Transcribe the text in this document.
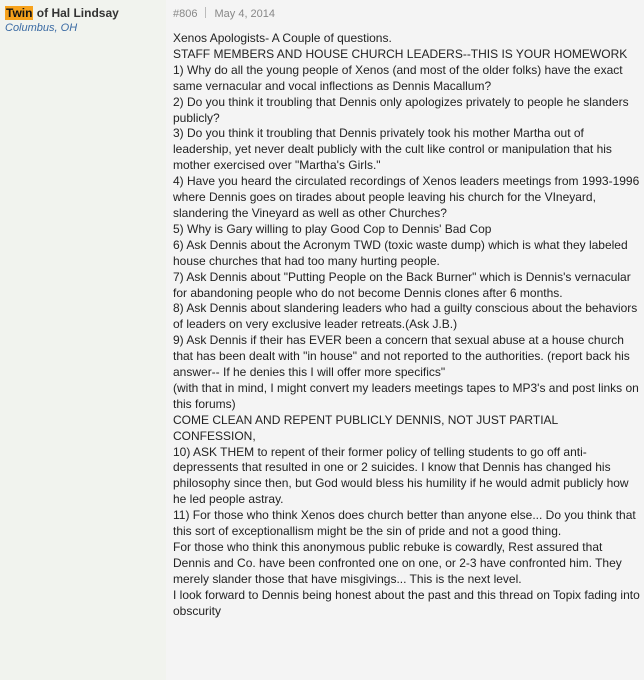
Twin of Hal Lindsay
Columbus, OH
#806 May 4, 2014

Xenos Apologists- A Couple of questions.

STAFF MEMBERS AND HOUSE CHURCH LEADERS--THIS IS YOUR HOMEWORK

1) Why do all the young people of Xenos (and most of the older folks) have the exact same vernacular and vocal inflections as Dennis Macallum?

2) Do you think it troubling that Dennis only apologizes privately to people he slanders publicly?

3) Do you think it troubling that Dennis privately took his mother Martha out of leadership, yet never dealt publicly with the cult like control or manipulation that his mother exercised over "Martha's Girls."

4) Have you heard the circulated recordings of Xenos leaders meetings from 1993-1996 where Dennis goes on tirades about people leaving his church for the VIneyard, slandering the Vineyard as well as other Churches?

5) Why is Gary willing to play Good Cop to Dennis' Bad Cop

6) Ask Dennis about the Acronym TWD (toxic waste dump) which is what they labeled house churches that had too many hurting people.

7) Ask Dennis about "Putting People on the Back Burner" which is Dennis's vernacular for abandoning people who do not become Dennis clones after 6 months.

8) Ask Dennis about slandering leaders who had a guilty conscious about the behaviors of leaders on very exclusive leader retreats.(Ask J.B.)

9) Ask Dennis if their has EVER been a concern that sexual abuse at a house church that has been dealt with "in house" and not reported to the authorities. (report back his answer-- If he denies this I will offer more specifics"

(with that in mind, I might convert my leaders meetings tapes to MP3's and post links on this forums)

COME CLEAN AND REPENT PUBLICLY DENNIS, NOT JUST PARTIAL CONFESSION,

10) ASK THEM to repent of their former policy of telling students to go off anti-depressents that resulted in one or 2 suicides. I know that Dennis has changed his philosophy since then, but God would bless his humility if he would admit publicly how he led people astray.

11) For those who think Xenos does church better than anyone else... Do you think that this sort of exceptionallism might be the sin of pride and not a good thing.

For those who think this anonymous public rebuke is cowardly, Rest assured that Dennis and Co. have been confronted one on one, or 2-3 have confronted him. They merely slander those that have misgivings... This is the next level.

I look forward to Dennis being honest about the past and this thread on Topix fading into obscurity
